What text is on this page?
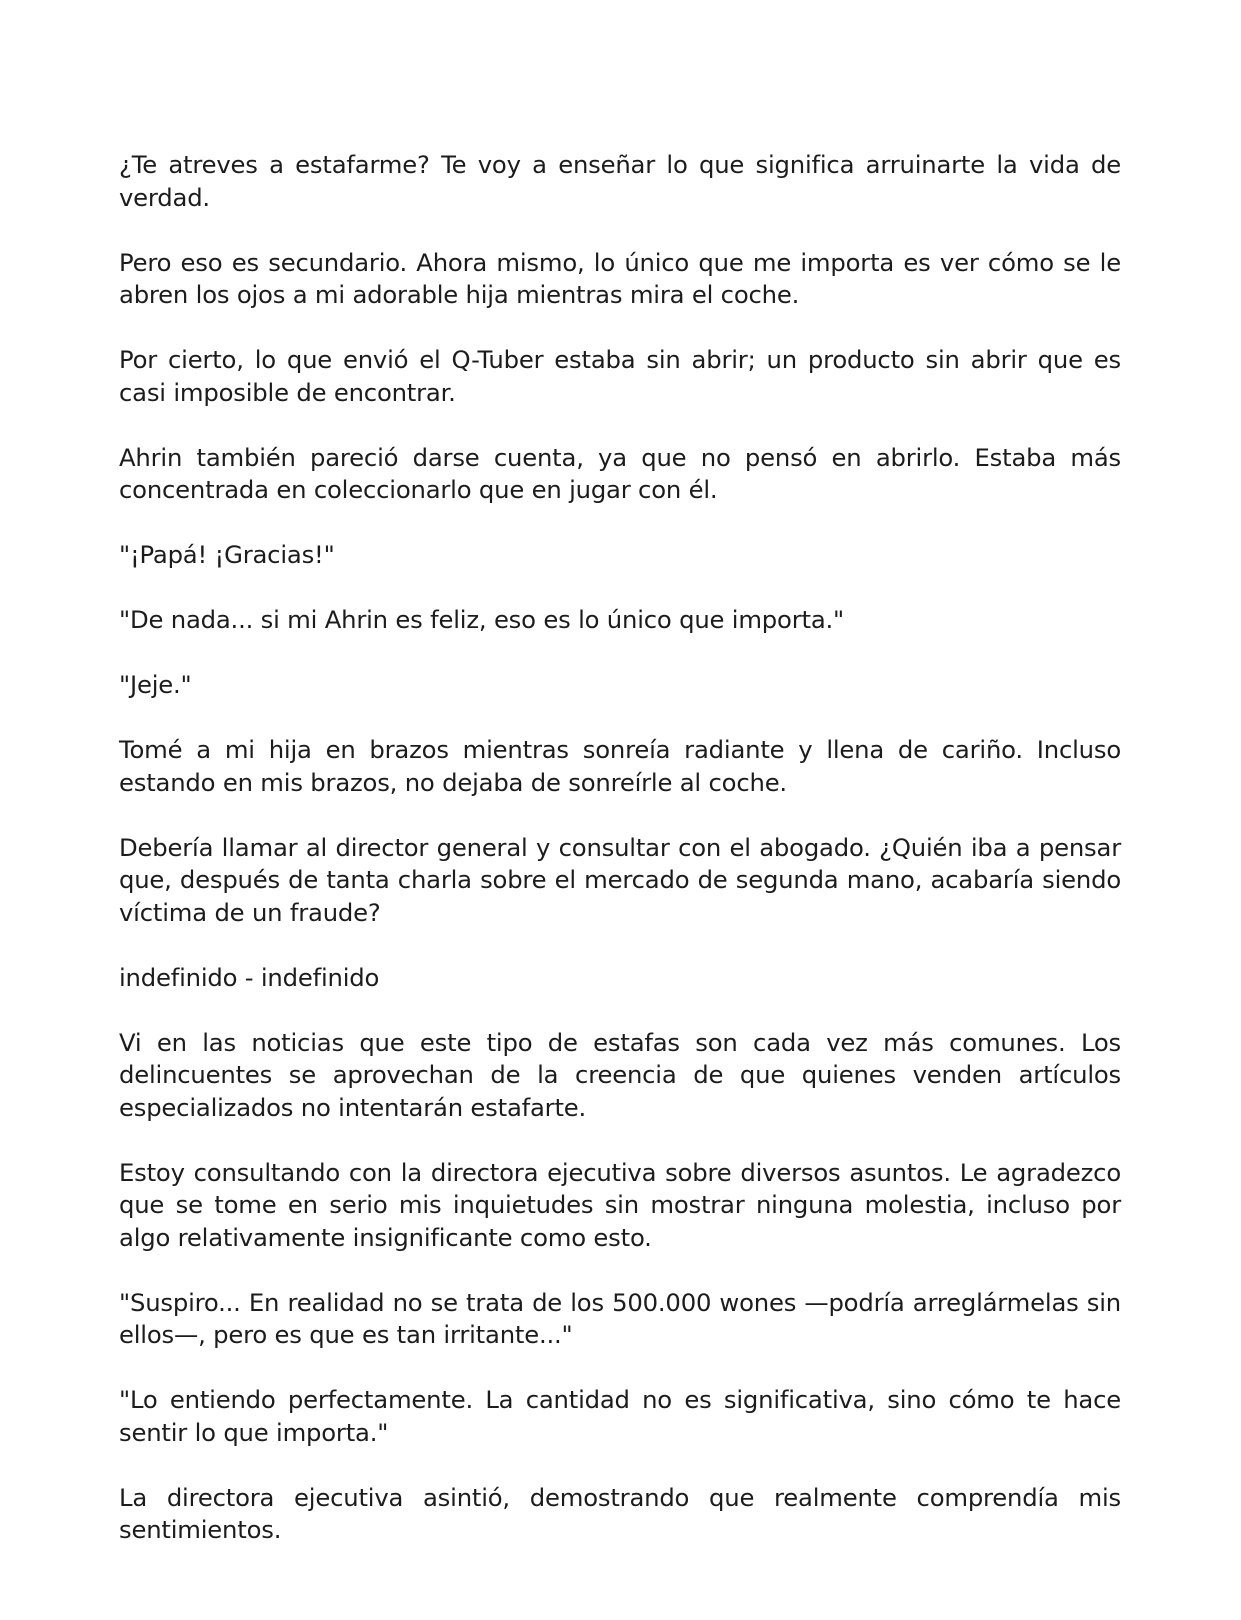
¿Te atreves a estafarme? Te voy a enseñar lo que significa arruinarte la vida de verdad.

Pero eso es secundario. Ahora mismo, lo único que me importa es ver cómo se le abren los ojos a mi adorable hija mientras mira el coche.

Por cierto, lo que envió el Q-Tuber estaba sin abrir; un producto sin abrir que es casi imposible de encontrar.

Ahrin también pareció darse cuenta, ya que no pensó en abrirlo. Estaba más concentrada en coleccionarlo que en jugar con él.

"¡Papá! ¡Gracias!"

"De nada... si mi Ahrin es feliz, eso es lo único que importa."

"Jeje."

Tomé a mi hija en brazos mientras sonreía radiante y llena de cariño. Incluso estando en mis brazos, no dejaba de sonreírle al coche.

Debería llamar al director general y consultar con el abogado. ¿Quién iba a pensar que, después de tanta charla sobre el mercado de segunda mano, acabaría siendo víctima de un fraude?

indefinido - indefinido

Vi en las noticias que este tipo de estafas son cada vez más comunes. Los delincuentes se aprovechan de la creencia de que quienes venden artículos especializados no intentarán estafarte.

Estoy consultando con la directora ejecutiva sobre diversos asuntos. Le agradezco que se tome en serio mis inquietudes sin mostrar ninguna molestia, incluso por algo relativamente insignificante como esto.

"Suspiro... En realidad no se trata de los 500.000 wones —podría arreglármelas sin ellos—, pero es que es tan irritante..."

"Lo entiendo perfectamente. La cantidad no es significativa, sino cómo te hace sentir lo que importa."

La directora ejecutiva asintió, demostrando que realmente comprendía mis sentimientos.
